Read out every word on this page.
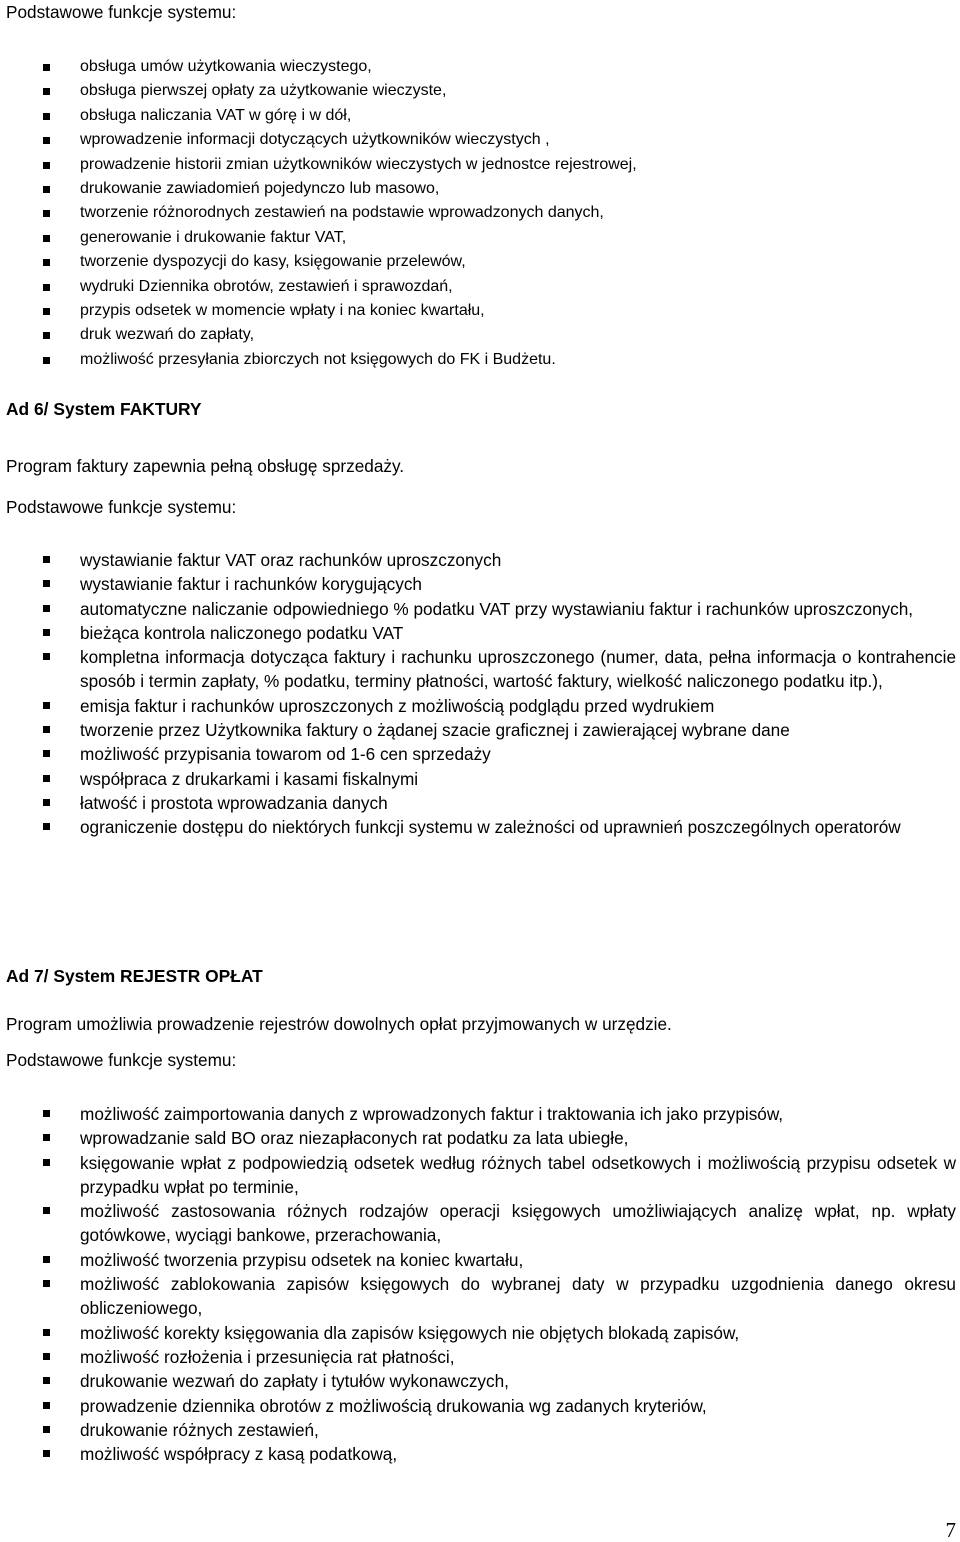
Podstawowe funkcje systemu:
obsługa umów użytkowania wieczystego,
obsługa pierwszej opłaty za użytkowanie wieczyste,
obsługa naliczania VAT w górę i w dół,
wprowadzenie informacji dotyczących użytkowników wieczystych ,
prowadzenie historii zmian użytkowników wieczystych w jednostce rejestrowej,
drukowanie zawiadomień pojedynczo lub masowo,
tworzenie różnorodnych zestawień na podstawie wprowadzonych danych,
generowanie i drukowanie faktur VAT,
tworzenie dyspozycji do kasy, księgowanie przelewów,
wydruki Dziennika obrotów, zestawień i sprawozdań,
przypis odsetek w momencie wpłaty i na koniec kwartału,
druk wezwań do zapłaty,
możliwość przesyłania zbiorczych not księgowych do FK i Budżetu.
Ad 6/ System FAKTURY
Program faktury zapewnia pełną obsługę sprzedaży.
Podstawowe funkcje systemu:
wystawianie faktur VAT oraz rachunków uproszczonych
wystawianie faktur i rachunków korygujących
automatyczne naliczanie odpowiedniego % podatku VAT przy wystawianiu faktur i rachunków uproszczonych,
bieżąca kontrola naliczonego podatku VAT
kompletna informacja dotycząca faktury i rachunku uproszczonego (numer, data, pełna informacja o kontrahencie sposób i termin zapłaty, % podatku, terminy płatności, wartość faktury, wielkość naliczonego podatku itp.),
emisja faktur i rachunków uproszczonych z możliwością podglądu przed wydrukiem
tworzenie przez Użytkownika faktury o żądanej szacie graficznej i zawierającej wybrane dane
możliwość przypisania towarom od 1-6 cen sprzedaży
współpraca z drukarkami i kasami fiskalnymi
łatwość i prostota wprowadzania danych
ograniczenie dostępu do niektórych funkcji systemu w zależności od uprawnień poszczególnych operatorów
Ad 7/ System REJESTR OPŁAT
Program umożliwia prowadzenie rejestrów dowolnych opłat przyjmowanych w urzędzie.
Podstawowe funkcje systemu:
możliwość zaimportowania danych z wprowadzonych faktur i traktowania ich jako przypisów,
wprowadzanie sald BO oraz niezapłaconych rat podatku za lata ubiegłe,
księgowanie wpłat z podpowiedzią odsetek według różnych tabel odsetkowych i możliwością przypisu odsetek w przypadku wpłat po terminie,
możliwość zastosowania różnych rodzajów operacji księgowych umożliwiających analizę wpłat, np. wpłaty gotówkowe, wyciągi bankowe, przerachowania,
możliwość tworzenia przypisu odsetek na koniec kwartału,
możliwość zablokowania zapisów księgowych do wybranej daty w przypadku uzgodnienia danego okresu obliczeniowego,
możliwość korekty księgowania dla zapisów księgowych nie objętych blokadą zapisów,
możliwość rozłożenia i przesunięcia rat płatności,
drukowanie wezwań do zapłaty i tytułów wykonawczych,
prowadzenie dziennika obrotów z możliwością drukowania wg zadanych kryteriów,
drukowanie różnych zestawień,
możliwość współpracy z kasą podatkową,
7
